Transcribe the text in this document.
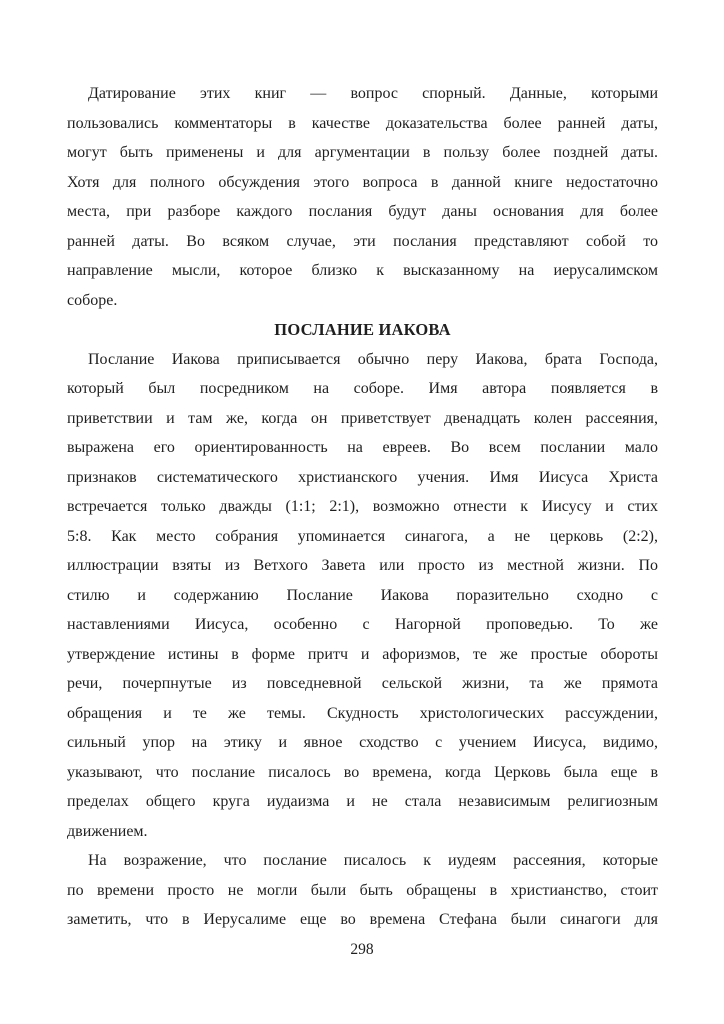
Датирование этих книг — вопрос спорный. Данные, которыми
пользовались комментаторы в качестве доказательства более ранней даты,
могут быть применены и для аргументации в пользу более поздней даты.
Хотя для полного обсуждения этого вопроса в данной книге недостаточно
места, при разборе каждого послания будут даны основания для более
ранней даты. Во всяком случае, эти послания представляют собой то
направление мысли, которое близко к высказанному на иерусалимском
соборе.
ПОСЛАНИЕ ИАКОВА
Послание Иакова приписывается обычно перу Иакова, брата Господа,
который был посредником на соборе. Имя автора появляется в
приветствии и там же, когда он приветствует двенадцать колен рассеяния,
выражена его ориентированность на евреев. Во всем послании мало
признаков систематического христианского учения. Имя Иисуса Христа
встречается только дважды (1:1; 2:1), возможно отнести к Иисусу и стих
5:8. Как место собрания упоминается синагога, а не церковь (2:2),
иллюстрации взяты из Ветхого Завета или просто из местной жизни. По
стилю и содержанию Послание Иакова поразительно сходно с
наставлениями Иисуса, особенно с Нагорной проповедью. То же
утверждение истины в форме притч и афоризмов, те же простые обороты
речи, почерпнутые из повседневной сельской жизни, та же прямота
обращения и те же темы. Скудность христологических рассуждении,
сильный упор на этику и явное сходство с учением Иисуса, видимо,
указывают, что послание писалось во времена, когда Церковь была еще в
пределах общего круга иудаизма и не стала независимым религиозным
движением.
На возражение, что послание писалось к иудеям рассеяния, которые
по времени просто не могли были быть обращены в христианство, стоит
заметить, что в Иерусалиме еще во времена Стефана были синагоги для
298
